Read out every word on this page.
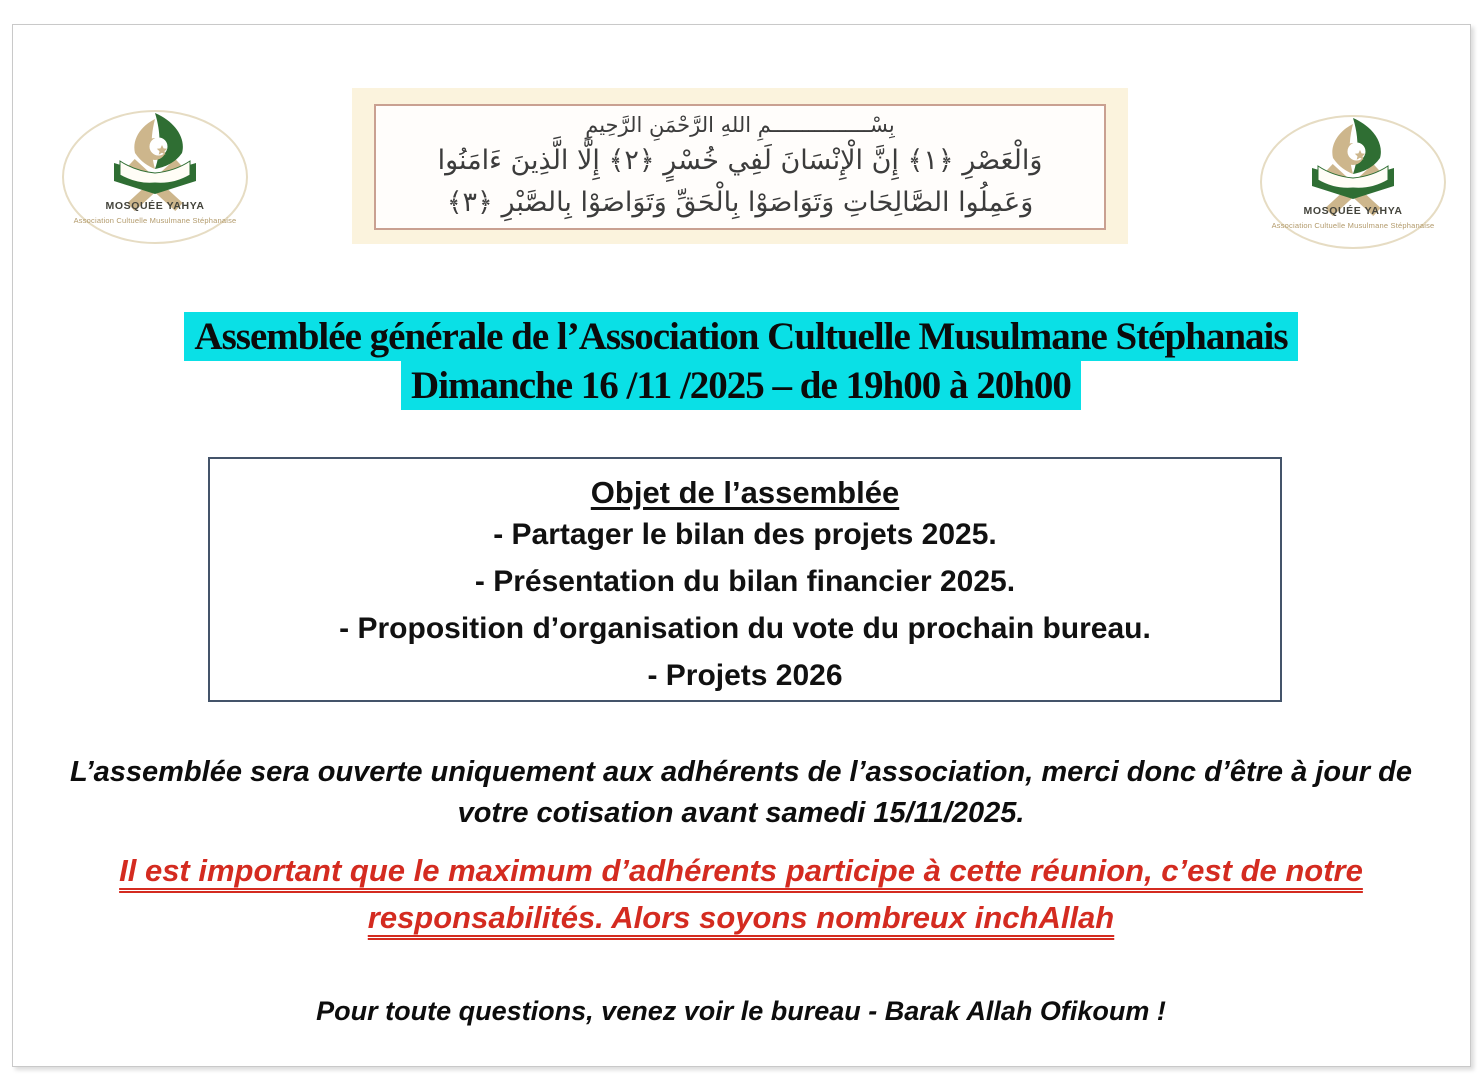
MOSQUÉE YAHYA
Association Cultuelle Musulmane Stéphanaise
MOSQUÉE YAHYA
Association Cultuelle Musulmane Stéphanaise
بِسْــــــــــــــــمِ اللهِ الرَّحْمَنِ الرَّحِيمِ
وَالْعَصْرِ ﴿١﴾ إِنَّ الْإِنْسَانَ لَفِي خُسْرٍ ﴿٢﴾ إِلَّا الَّذِينَ ءَامَنُوا
وَعَمِلُوا الصَّالِحَاتِ وَتَوَاصَوْا بِالْحَقِّ وَتَوَاصَوْا بِالصَّبْرِ ﴿٣﴾
Assemblée générale de l’Association Cultuelle Musulmane Stéphanais
Dimanche 16 /11 /2025 – de 19h00 à 20h00
Objet de l’assemblée
- Partager le bilan des projets 2025.
- Présentation du bilan financier 2025.
- Proposition d’organisation du vote du prochain bureau.
- Projets 2026
L’assemblée sera ouverte uniquement aux adhérents de l’association, merci donc d’être à jour de
votre cotisation avant samedi 15/11/2025.
Il est important que le maximum d’adhérents participe à cette réunion, c’est de notre
responsabilités. Alors soyons nombreux inchAllah
Pour toute questions, venez voir le bureau - Barak Allah Ofikoum !
